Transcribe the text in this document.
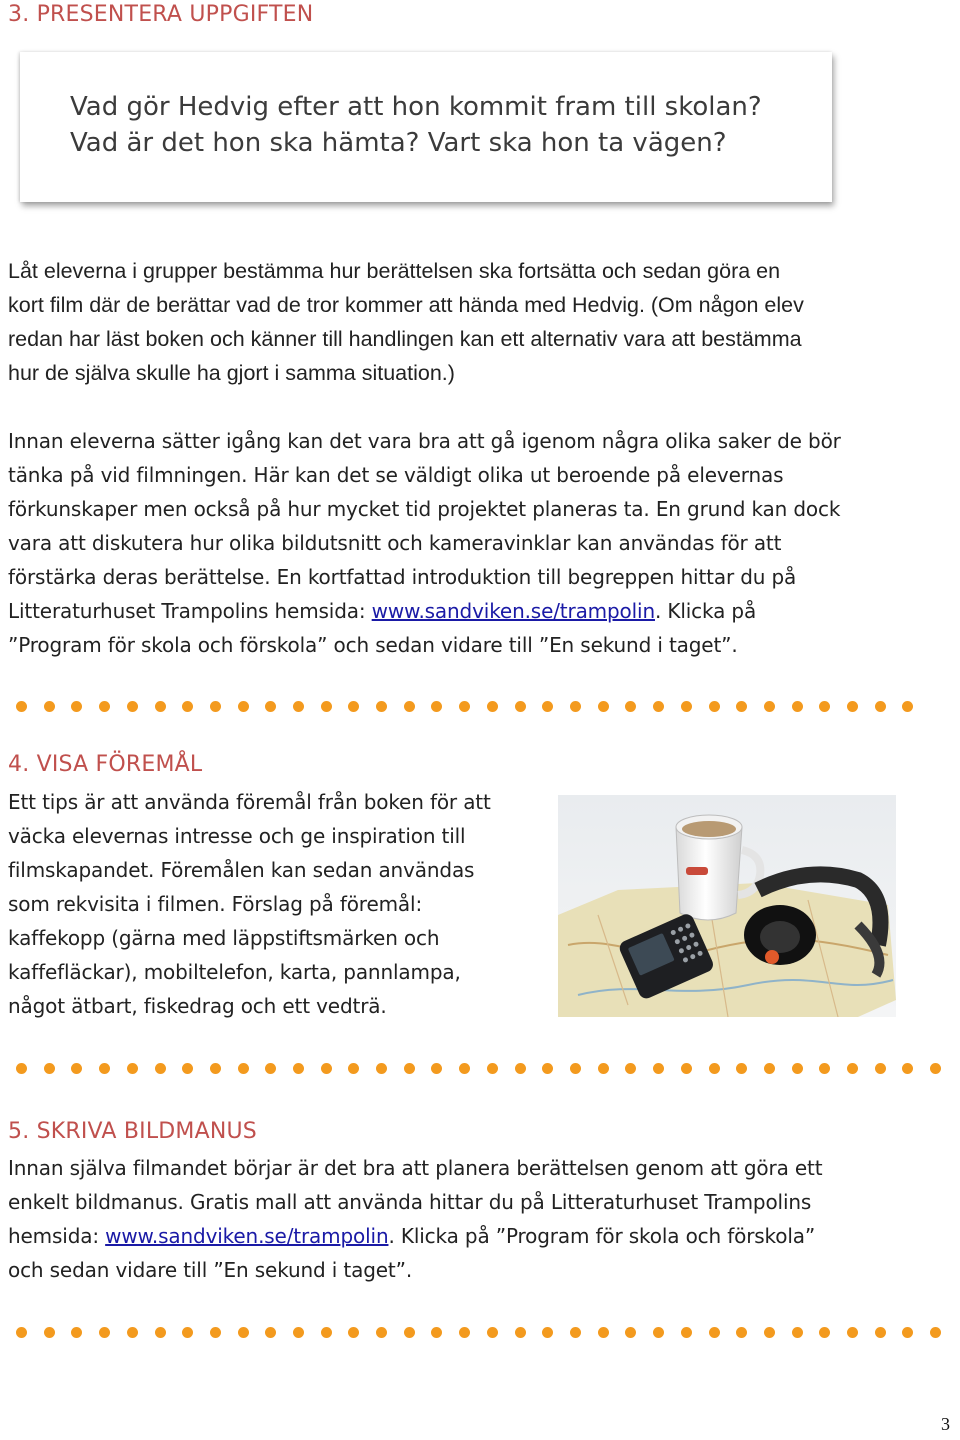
3. PRESENTERA UPPGIFTEN

Vad gör Hedvig efter att hon kommit fram till skolan?

Vad är det hon ska hämta? Vart ska hon ta vägen?

Låt eleverna i grupper bestämma hur berättelsen ska fortsätta och sedan göra en
kort film där de berättar vad de tror kommer att hända med Hedvig. (Om någon elev
redan har läst boken och känner till handlingen kan ett alternativ vara att bestämma
hur de själva skulle ha gjort i samma situation.)

Innan eleverna sätter igång kan det vara bra att gå igenom några olika saker de bör
tänka på vid filmningen. Här kan det se väldigt olika ut beroende på elevernas
förkunskaper men också på hur mycket tid projektet planeras ta. En grund kan dock
vara att diskutera hur olika bildutsnitt och kameravinklar kan användas för att
förstärka deras berättelse. En kortfattad introduktion till begreppen hittar du på
Litteraturhuset Trampolins hemsida: www.sandviken.se/trampolin. Klicka på
”Program för skola och förskola” och sedan vidare till ”En sekund i taget”.

4. VISA FÖREMÅL

Ett tips är att använda föremål från boken för att
väcka elevernas intresse och ge inspiration till
filmskapandet. Föremålen kan sedan användas
som rekvisita i filmen. Förslag på föremål:
kaffekopp (gärna med läppstiftsmärken och
kaffefläckar), mobiltelefon, karta, pannlampa,
något ätbart, fiskedrag och ett vedträ.

5. SKRIVA BILDMANUS

Innan själva filmandet börjar är det bra att planera berättelsen genom att göra ett
enkelt bildmanus. Gratis mall att använda hittar du på Litteraturhuset Trampolins
hemsida: www.sandviken.se/trampolin. Klicka på ”Program för skola och förskola”
och sedan vidare till ”En sekund i taget”.

3
